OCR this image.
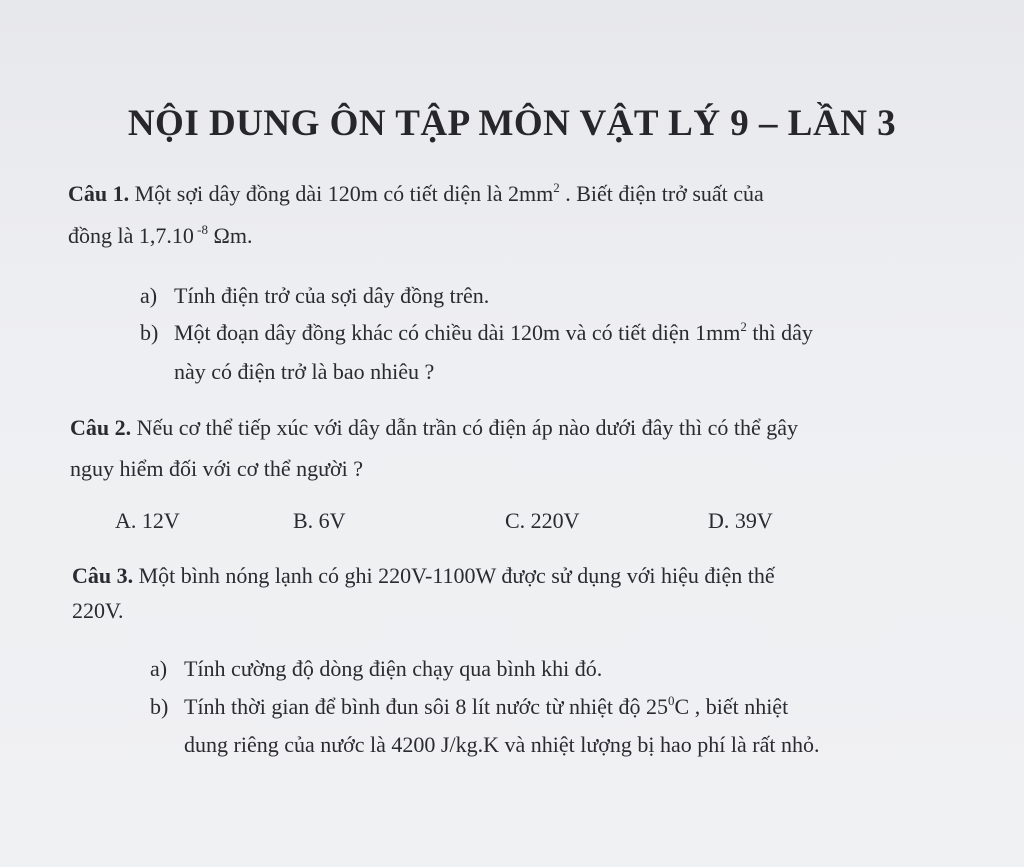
NỘI DUNG ÔN TẬP MÔN VẬT LÝ 9 – LẦN 3
Câu 1. Một sợi dây đồng dài 120m có tiết diện là $2mm^2$ . Biết điện trở suất của
đồng là 1,7.10 $^{-8}$ Ωm.
a) Tính điện trở của sợi dây đồng trên.
b) Một đoạn dây đồng khác có chiều dài 120m và có tiết diện $1mm^2$ thì dây
này có điện trở là bao nhiêu ?
Câu 2. Nếu cơ thể tiếp xúc với dây dẫn trần có điện áp nào dưới đây thì có thể gây
nguy hiểm đối với cơ thể người ?
A. 12V	B. 6V	C. 220V	D. 39V
Câu 3. Một bình nóng lạnh có ghi 220V-1100W được sử dụng với hiệu điện thế
220V.
a) Tính cường độ dòng điện chạy qua bình khi đó.
b) Tính thời gian để bình đun sôi 8 lít nước từ nhiệt độ $25^0C$ , biết nhiệt
dung riêng của nước là 4200 J/kg.K và nhiệt lượng bị hao phí là rất nhỏ.
